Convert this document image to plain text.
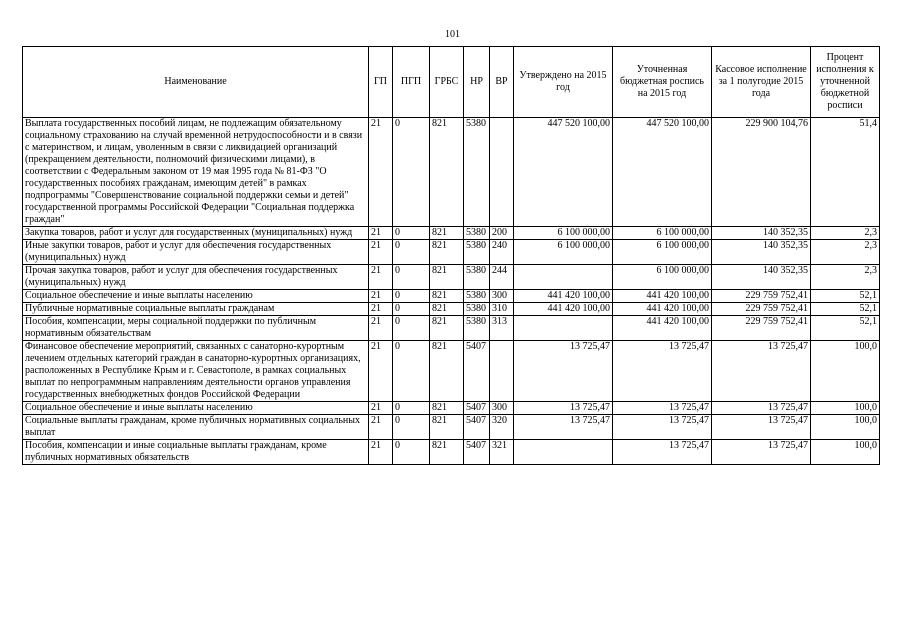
101
Наименование	ГП	ПГП	ГРБС	НР	ВР	Утверждено на 2015 год	Уточненная бюджетная роспись на 2015 год	Кассовое исполнение за 1 полугодие 2015 года	Процент исполнения к уточненной бюджетной росписи
Выплата государственных пособий лицам, не подлежащим обязательному социальному страхованию на случай временной нетрудоспособности и в связи с материнством, и лицам, уволенным в связи с ликвидацией организаций (прекращением деятельности, полномочий физическими лицами), в соответствии с Федеральным законом от 19 мая 1995 года № 81-ФЗ "О государственных пособиях гражданам, имеющим детей" в рамках подпрограммы "Совершенствование социальной поддержки семьи и детей" государственной программы Российской Федерации "Социальная поддержка граждан"	21	0	821	5380		447 520 100,00	447 520 100,00	229 900 104,76	51,4
Закупка товаров, работ и услуг для государственных (муниципальных) нужд	21	0	821	5380	200	6 100 000,00	6 100 000,00	140 352,35	2,3
Иные закупки товаров, работ и услуг для обеспечения государственных (муниципальных) нужд	21	0	821	5380	240	6 100 000,00	6 100 000,00	140 352,35	2,3
Прочая закупка товаров, работ и услуг для обеспечения государственных (муниципальных) нужд	21	0	821	5380	244		6 100 000,00	140 352,35	2,3
Социальное обеспечение и иные выплаты населению	21	0	821	5380	300	441 420 100,00	441 420 100,00	229 759 752,41	52,1
Публичные нормативные социальные выплаты гражданам	21	0	821	5380	310	441 420 100,00	441 420 100,00	229 759 752,41	52,1
Пособия, компенсации, меры социальной поддержки по публичным нормативным обязательствам	21	0	821	5380	313		441 420 100,00	229 759 752,41	52,1
Финансовое обеспечение мероприятий, связанных с санаторно-курортным лечением отдельных категорий граждан в санаторно-курортных организациях, расположенных в Республике Крым и г. Севастополе, в рамках социальных выплат по непрограммным направлениям деятельности органов управления государственных внебюджетных фондов Российской Федерации	21	0	821	5407		13 725,47	13 725,47	13 725,47	100,0
Социальное обеспечение и иные выплаты населению	21	0	821	5407	300	13 725,47	13 725,47	13 725,47	100,0
Социальные выплаты гражданам, кроме публичных нормативных социальных выплат	21	0	821	5407	320	13 725,47	13 725,47	13 725,47	100,0
Пособия, компенсации и иные социальные выплаты гражданам, кроме публичных нормативных обязательств	21	0	821	5407	321		13 725,47	13 725,47	100,0
